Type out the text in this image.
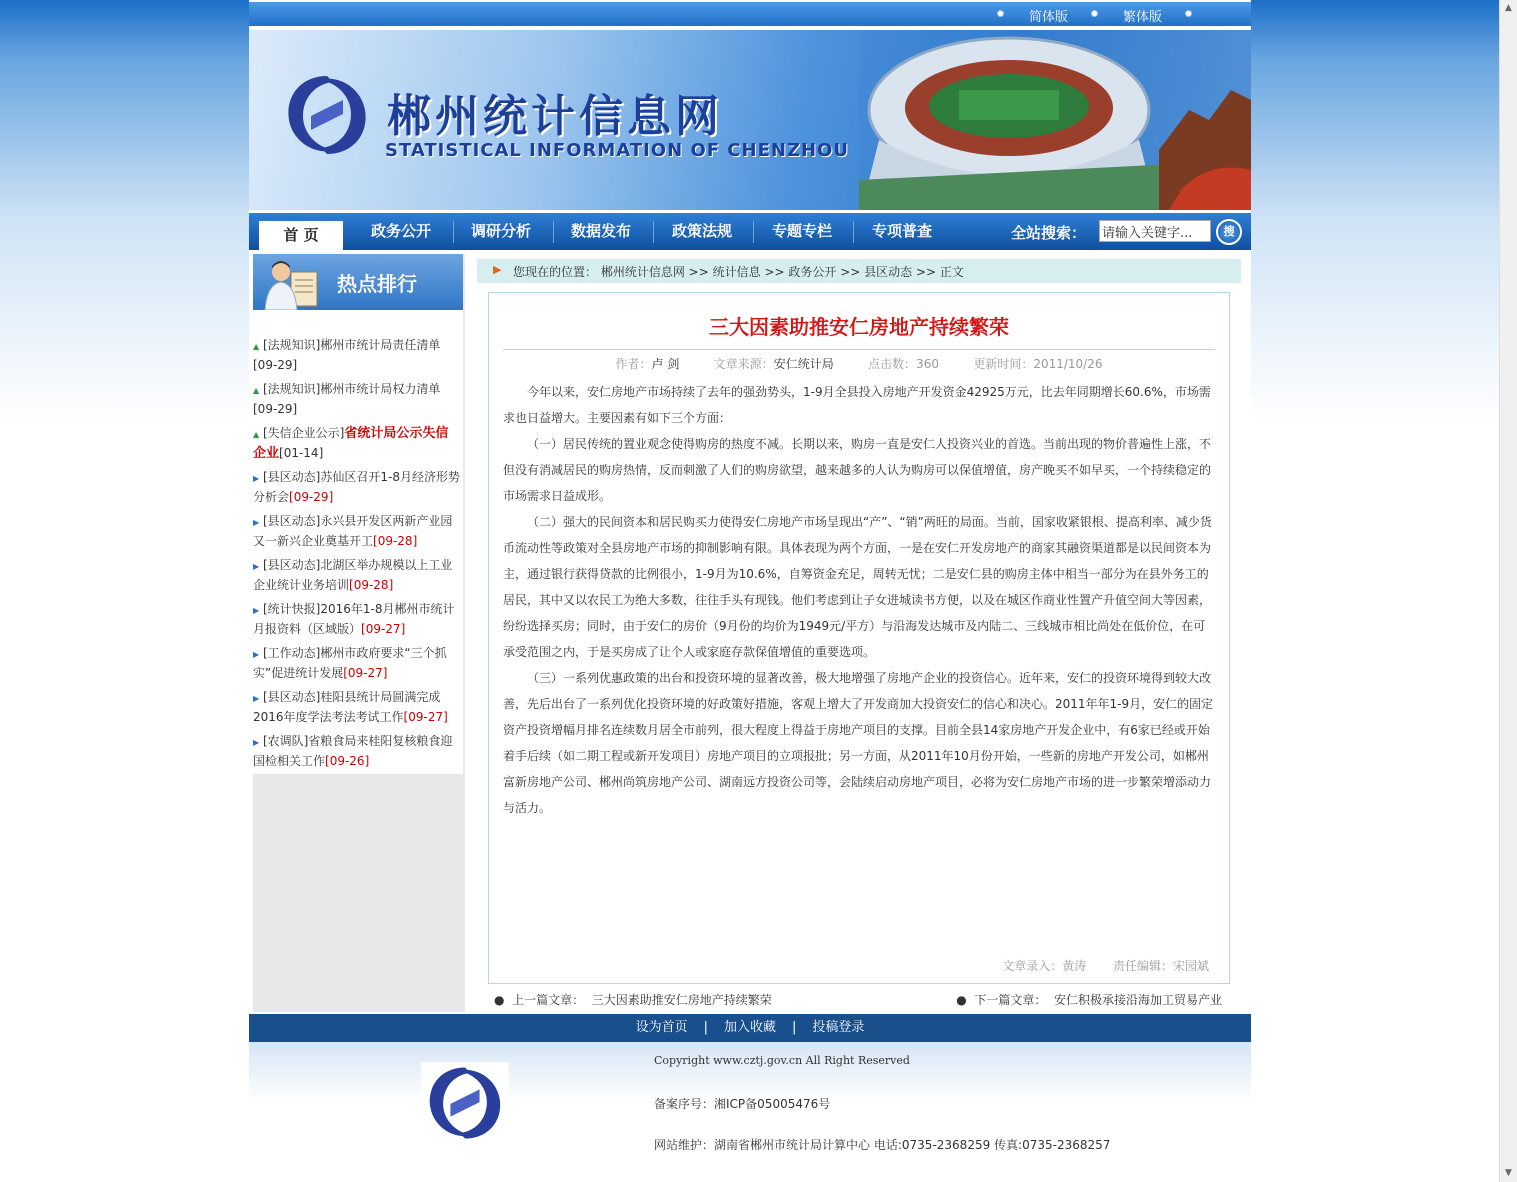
▲
▼
简体版	繁体版
郴州统计信息网
STATISTICAL INFORMATION OF CHENZHOU
首 页	政务公开	调研分析	数据发布	政策法规	专题专栏	专项普查	全站搜索：
请输入关键字...	搜
热点排行
▲ [法规知识]郴州市统计局责任清单
[09-29]
▲ [法规知识]郴州市统计局权力清单
[09-29]
▲ [失信企业公示]省统计局公示失信企业[01-14]
▶ [县区动态]苏仙区召开1-8月经济形势分析会[09-29]
▶ [县区动态]永兴县开发区两新产业园又一新兴企业奠基开工[09-28]
▶ [县区动态]北湖区举办规模以上工业企业统计业务培训[09-28]
▶ [统计快报]2016年1-8月郴州市统计月报资料（区域版）[09-27]
▶ [工作动态]郴州市政府要求“三个抓实”促进统计发展[09-27]
▶ [县区动态]桂阳县统计局圆满完成2016年度学法考法考试工作[09-27]
▶ [农调队]省粮食局来桂阳复核粮食迎国检相关工作[09-26]
▶ 您现在的位置： 郴州统计信息网 >> 统计信息 >> 政务公开 >> 县区动态 >> 正文
三大因素助推安仁房地产持续繁荣
作者：卢 剑	文章来源：安仁统计局	点击数：360	更新时间：2011/10/26

今年以来，安仁房地产市场持续了去年的强劲势头，1-9月全县投入房地产开发资金42925万元，比去年同期增长60.6%，市场需求也日益增大。主要因素有如下三个方面：

（一）居民传统的置业观念使得购房的热度不减。长期以来，购房一直是安仁人投资兴业的首选。当前出现的物价普遍性上涨，不但没有消减居民的购房热情，反而刺激了人们的购房欲望，越来越多的人认为购房可以保值增值，房产晚买不如早买，一个持续稳定的市场需求日益成形。

（二）强大的民间资本和居民购买力使得安仁房地产市场呈现出“产”、“销”两旺的局面。当前，国家收紧银根、提高利率、减少货币流动性等政策对全县房地产市场的抑制影响有限。具体表现为两个方面，一是在安仁开发房地产的商家其融资渠道都是以民间资本为主，通过银行获得贷款的比例很小，1-9月为10.6%，自筹资金充足，周转无忧；二是安仁县的购房主体中相当一部分为在县外务工的居民，其中又以农民工为绝大多数，往往手头有现钱。他们考虑到让子女进城读书方便，以及在城区作商业性置产升值空间大等因素，纷纷选择买房；同时，由于安仁的房价（9月份的均价为1949元/平方）与沿海发达城市及内陆二、三线城市相比尚处在低价位，在可承受范围之内，于是买房成了让个人或家庭存款保值增值的重要选项。

（三）一系列优惠政策的出台和投资环境的显著改善，极大地增强了房地产企业的投资信心。近年来，安仁的投资环境得到较大改善，先后出台了一系列优化投资环境的好政策好措施，客观上增大了开发商加大投资安仁的信心和决心。2011年年1-9月，安仁的固定资产投资增幅月排名连续数月居全市前列，很大程度上得益于房地产项目的支撑。目前全县14家房地产开发企业中，有6家已经或开始着手后续（如二期工程或新开发项目）房地产项目的立项报批；另一方面，从2011年10月份开始，一些新的房地产开发公司，如郴州富新房地产公司、郴州尚筑房地产公司、湖南远方投资公司等，会陆续启动房地产项目，必将为安仁房地产市场的进一步繁荣增添动力与活力。

文章录入：黄涛 责任编辑：宋园斌
● 上一篇文章： 三大因素助推安仁房地产持续繁荣	● 下一篇文章： 安仁积极承接沿海加工贸易产业
设为首页 | 加入收藏 | 投稿登录
Copyright www.cztj.gov.cn All Right Reserved
备案序号：湘ICP备05005476号
网站维护：湖南省郴州市统计局计算中心 电话:0735-2368259 传真:0735-2368257
